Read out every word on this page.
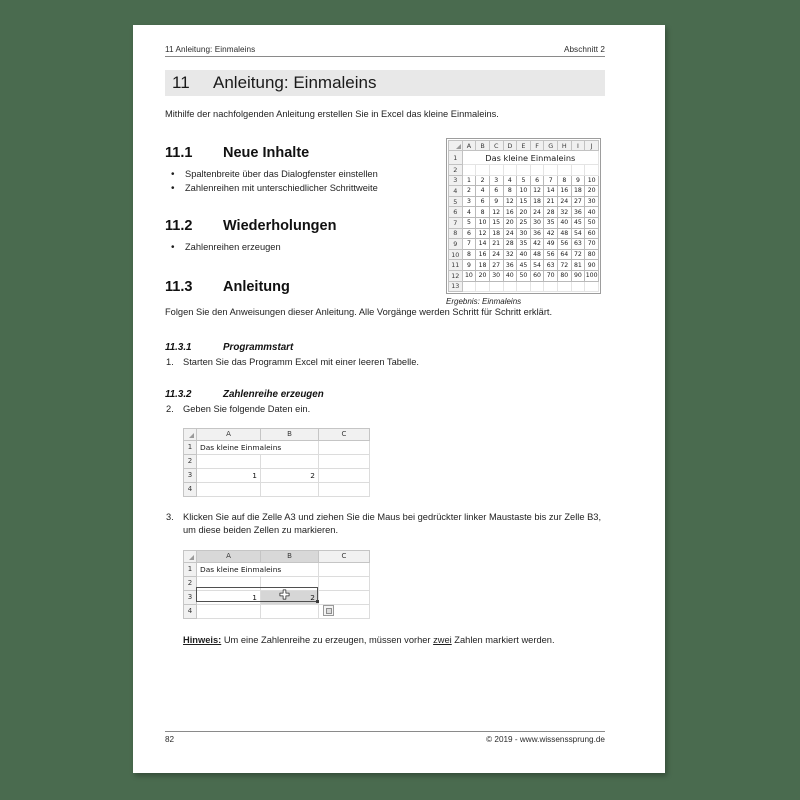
11 Anleitung: Einmaleins	Abschnitt 2
11	Anleitung: Einmaleins
Mithilfe der nachfolgenden Anleitung erstellen Sie in Excel das kleine Einmaleins.
11.1	Neue Inhalte
• Spaltenbreite über das Dialogfenster einstellen
• Zahlenreihen mit unterschiedlicher Schrittweite
11.2	Wiederholungen
• Zahlenreihen erzeugen
11.3	Anleitung
Folgen Sie den Anweisungen dieser Anleitung. Alle Vorgänge werden Schritt für Schritt erklärt.
11.3.1	Programmstart
1. Starten Sie das Programm Excel mit einer leeren Tabelle.
11.3.2	Zahlenreihe erzeugen
2. Geben Sie folgende Daten ein.
	A	B	C
1	Das kleine Einmaleins		
2			
3	1	2	
4			
3. Klicken Sie auf die Zelle A3 und ziehen Sie die Maus bei gedrückter linker Maustaste bis zur Zelle B3, um diese beiden Zellen zu markieren.
	A	B	C
1	Das kleine Einmaleins		
2			
3	1	2	
4			
Hinweis: Um eine Zahlenreihe zu erzeugen, müssen vorher zwei Zahlen markiert werden.
	A	B	C	D	E	F	G	H	I	J
1	Das kleine Einmaleins									
2										
3	1	2	3	4	5	6	7	8	9	10
4	2	4	6	8	10	12	14	16	18	20
5	3	6	9	12	15	18	21	24	27	30
6	4	8	12	16	20	24	28	32	36	40
7	5	10	15	20	25	30	35	40	45	50
8	6	12	18	24	30	36	42	48	54	60
9	7	14	21	28	35	42	49	56	63	70
10	8	16	24	32	40	48	56	64	72	80
11	9	18	27	36	45	54	63	72	81	90
12	10	20	30	40	50	60	70	80	90	100
13										
Ergebnis: Einmaleins
82	© 2019 - www.wissenssprung.de
